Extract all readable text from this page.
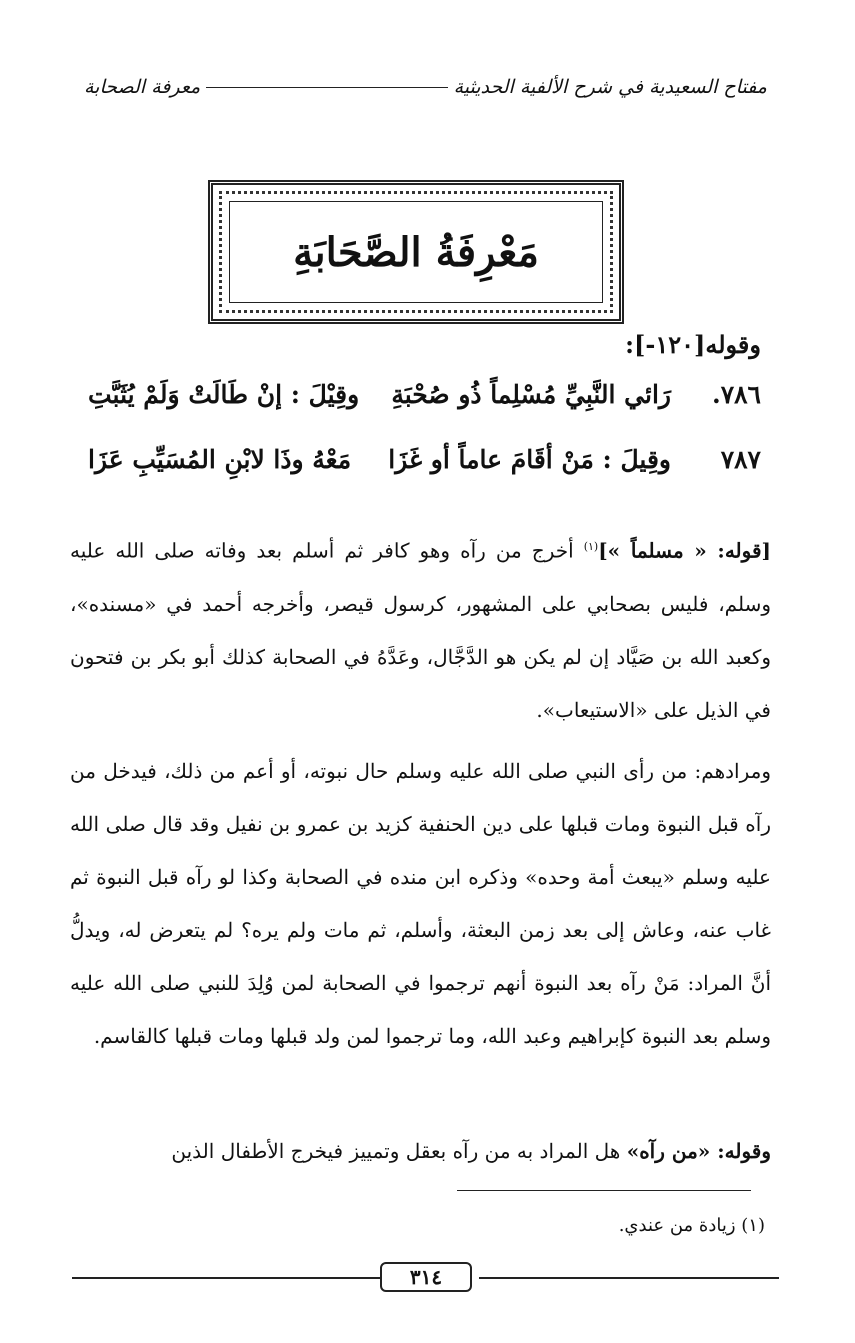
مفتاح السعيدية في شرح الألفية الحديثية
معرفة الصحابة
مَعْرِفَةُ الصَّحَابَةِ
وقوله[١٢٠-]:
٧٨٦.
رَائي النَّبِيِّ مُسْلِماً ذُو صُحْبَةِ
وقِيْلَ : إنْ طَالَتْ وَلَمْ يُثَبَّتِ
٧٨٧
وقِيلَ : مَنْ أقَامَ عاماً أو غَزَا
مَعْهُ وذَا لابْنِ المُسَيِّبِ عَزَا
[قوله: « مسلماً »]$^{(١)}$ أخرج من رآه وهو كافر ثم أسلم بعد وفاته صلى الله عليه وسلم، فليس بصحابي على المشهور، كرسول قيصر، وأخرجه أحمد في «مسنده»، وكعبد الله بن صَيَّاد إن لم يكن هو الدَّجَّال، وعَدَّهُ في الصحابة كذلك أبو بكر بن فتحون في الذيل على «الاستيعاب».
ومرادهم: من رأى النبي صلى الله عليه وسلم حال نبوته، أو أعم من ذلك، فيدخل من رآه قبل النبوة ومات قبلها على دين الحنفية كزيد بن عمرو بن نفيل وقد قال صلى الله عليه وسلم «يبعث أمة وحده» وذكره ابن منده في الصحابة وكذا لو رآه قبل النبوة ثم غاب عنه، وعاش إلى بعد زمن البعثة، وأسلم، ثم مات ولم يره؟ لم يتعرض له، ويدلُّ أنَّ المراد: مَنْ رآه بعد النبوة أنهم ترجموا في الصحابة لمن وُلِدَ للنبي صلى الله عليه وسلم بعد النبوة كإبراهيم وعبد الله، وما ترجموا لمن ولد قبلها ومات قبلها كالقاسم.
وقوله: «من رآه» هل المراد به من رآه بعقل وتمييز فيخرج الأطفال الذين
(١) زيادة من عندي.
٣١٤
